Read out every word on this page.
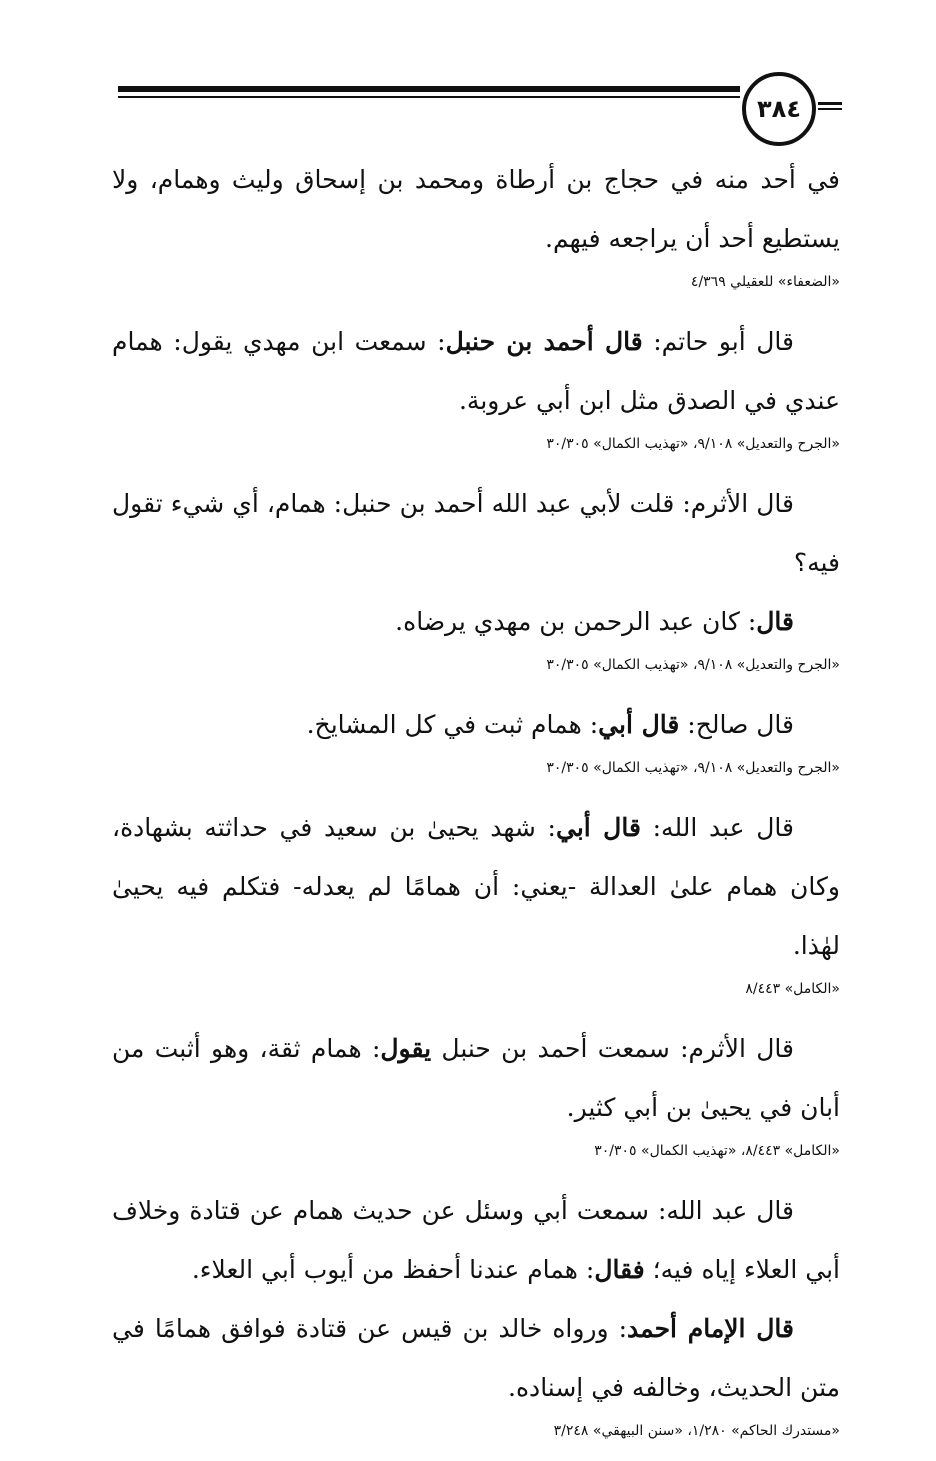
٣٨٤
في أحد منه في حجاج بن أرطاة ومحمد بن إسحاق وليث وهمام، ولا يستطيع أحد أن يراجعه فيهم.
«الضعفاء» للعقيلي ٤/٣٦٩
قال أبو حاتم: قال أحمد بن حنبل: سمعت ابن مهدي يقول: همام عندي في الصدق مثل ابن أبي عروبة.
«الجرح والتعديل» ٩/١٠٨، «تهذيب الكمال» ٣٠/٣٠٥
قال الأثرم: قلت لأبي عبد الله أحمد بن حنبل: همام، أي شيء تقول فيه؟
قال: كان عبد الرحمن بن مهدي يرضاه.
«الجرح والتعديل» ٩/١٠٨، «تهذيب الكمال» ٣٠/٣٠٥
قال صالح: قال أبي: همام ثبت في كل المشايخ.
«الجرح والتعديل» ٩/١٠٨، «تهذيب الكمال» ٣٠/٣٠٥
قال عبد الله: قال أبي: شهد يحيىٰ بن سعيد في حداثته بشهادة، وكان همام علىٰ العدالة -يعني: أن همامًا لم يعدله- فتكلم فيه يحيىٰ لهٰذا.
«الكامل» ٨/٤٤٣
قال الأثرم: سمعت أحمد بن حنبل يقول: همام ثقة، وهو أثبت من أبان في يحيىٰ بن أبي كثير.
«الكامل» ٨/٤٤٣، «تهذيب الكمال» ٣٠/٣٠٥
قال عبد الله: سمعت أبي وسئل عن حديث همام عن قتادة وخلاف أبي العلاء إياه فيه؛ فقال: همام عندنا أحفظ من أيوب أبي العلاء.
قال الإمام أحمد: ورواه خالد بن قيس عن قتادة فوافق همامًا في متن الحديث، وخالفه في إسناده.
«مستدرك الحاكم» ١/٢٨٠، «سنن البيهقي» ٣/٢٤٨
